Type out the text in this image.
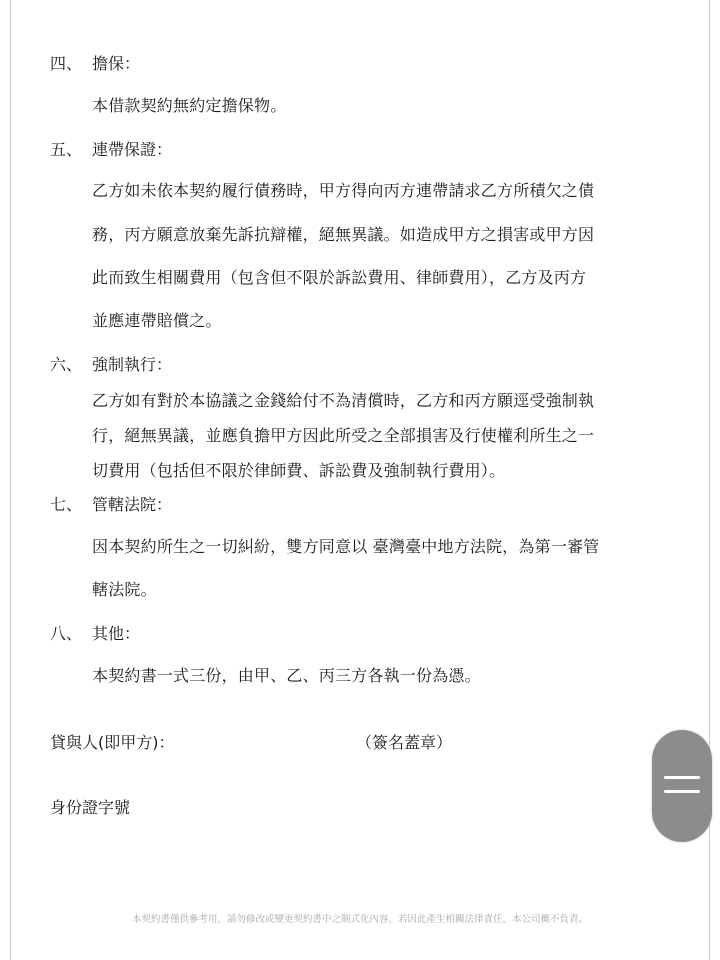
四、 擔保：
本借款契約無約定擔保物。
五、 連帶保證：
乙方如未依本契約履行債務時，甲方得向丙方連帶請求乙方所積欠之債
務，丙方願意放棄先訴抗辯權，絕無異議。如造成甲方之損害或甲方因
此而致生相關費用（包含但不限於訴訟費用、律師費用），乙方及丙方
並應連帶賠償之。
六、 強制執行：
乙方如有對於本協議之金錢給付不為清償時，乙方和丙方願逕受強制執
行，絕無異議，並應負擔甲方因此所受之全部損害及行使權利所生之一
切費用（包括但不限於律師費、訴訟費及強制執行費用）。
七、 管轄法院：
因本契約所生之一切糾紛，雙方同意以 臺灣臺中地方法院，為第一審管
轄法院。
八、 其他：
本契約書一式三份，由甲、乙、丙三方各執一份為憑。
貸與人(即甲方)：	（簽名蓋章）
身份證字號
本契約書僅供參考用，請勿修改或變更契約書中之制式化內容，若因此產生相關法律責任，本公司概不負責。
